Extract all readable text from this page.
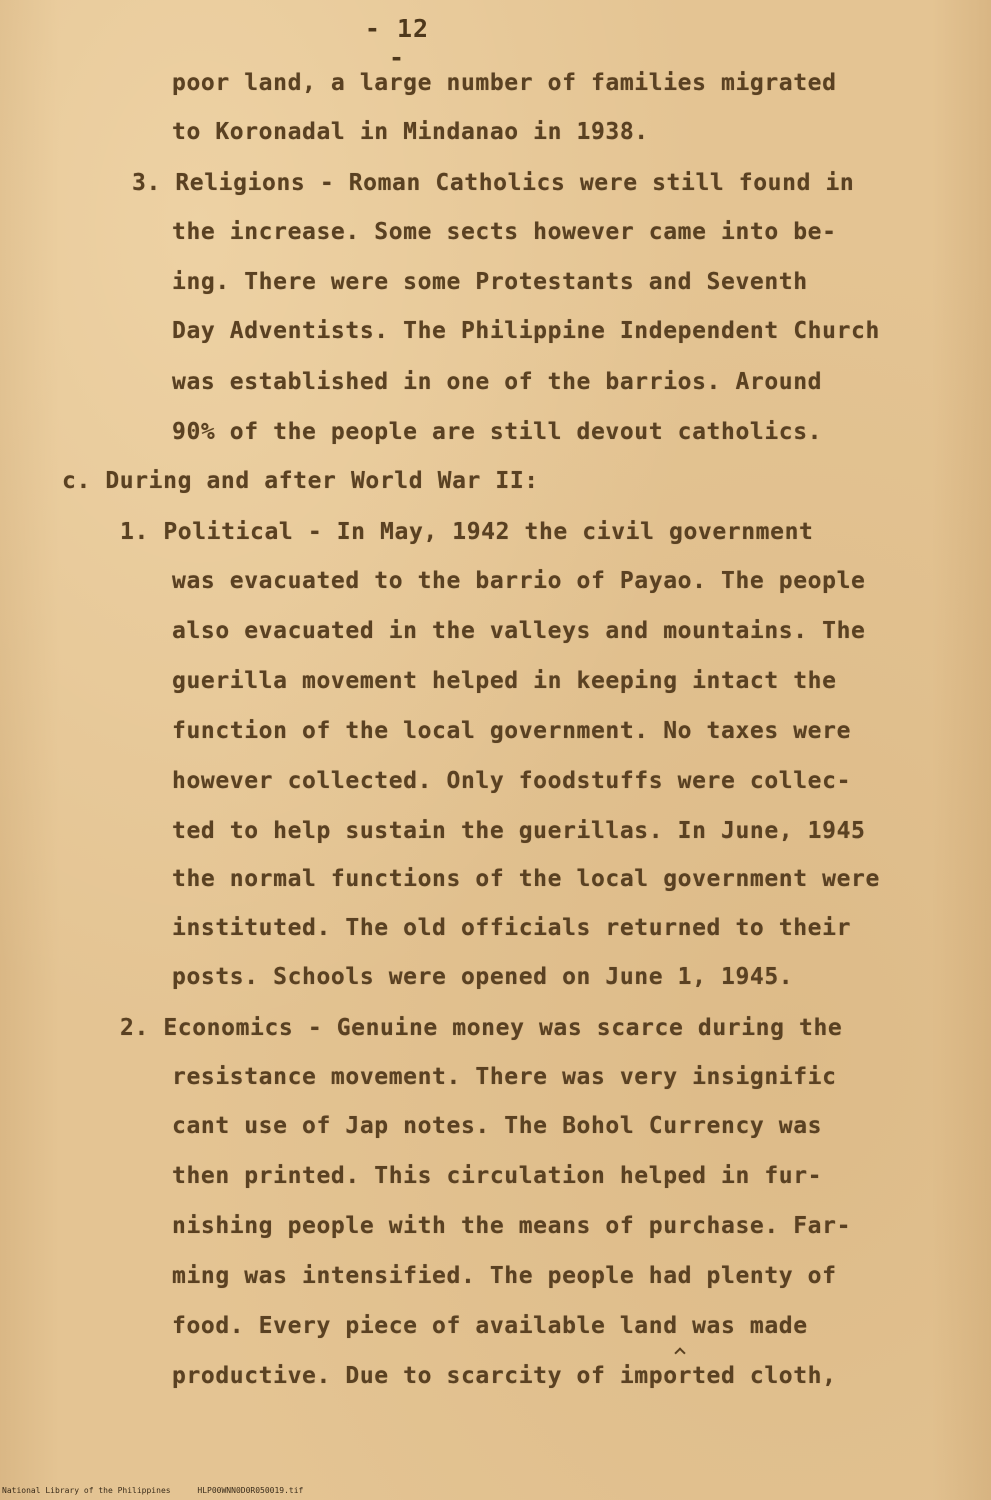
- 12 -
poor land, a large number of families migrated
to Koronadal in Mindanao in 1938.
3. Religions - Roman Catholics were still found in
the increase. Some sects however came into be-
ing. There were some Protestants and Seventh
Day Adventists. The Philippine Independent Church
was established in one of the barrios. Around
90% of the people are still devout catholics.
c. During and after World War II:
1. Political - In May, 1942 the civil government
was evacuated to the barrio of Payao. The people
also evacuated in the valleys and mountains. The
guerilla movement helped in keeping intact the
function of the local government. No taxes were
however collected. Only foodstuffs were collec-
ted to help sustain the guerillas. In June, 1945
the normal functions of the local government were
instituted. The old officials returned to their
posts. Schools were opened on June 1, 1945.
2. Economics - Genuine money was scarce during the
resistance movement. There was very insignific
cant use of Jap notes. The Bohol Currency was
then printed. This circulation helped in fur-
nishing people with the means of purchase. Far-
ming was intensified. The people had plenty of
food. Every piece of available land was made
productive. Due to scarcity of imported cloth,
National Library of the Philippines	HLP00WNN0D0R050019.tif
